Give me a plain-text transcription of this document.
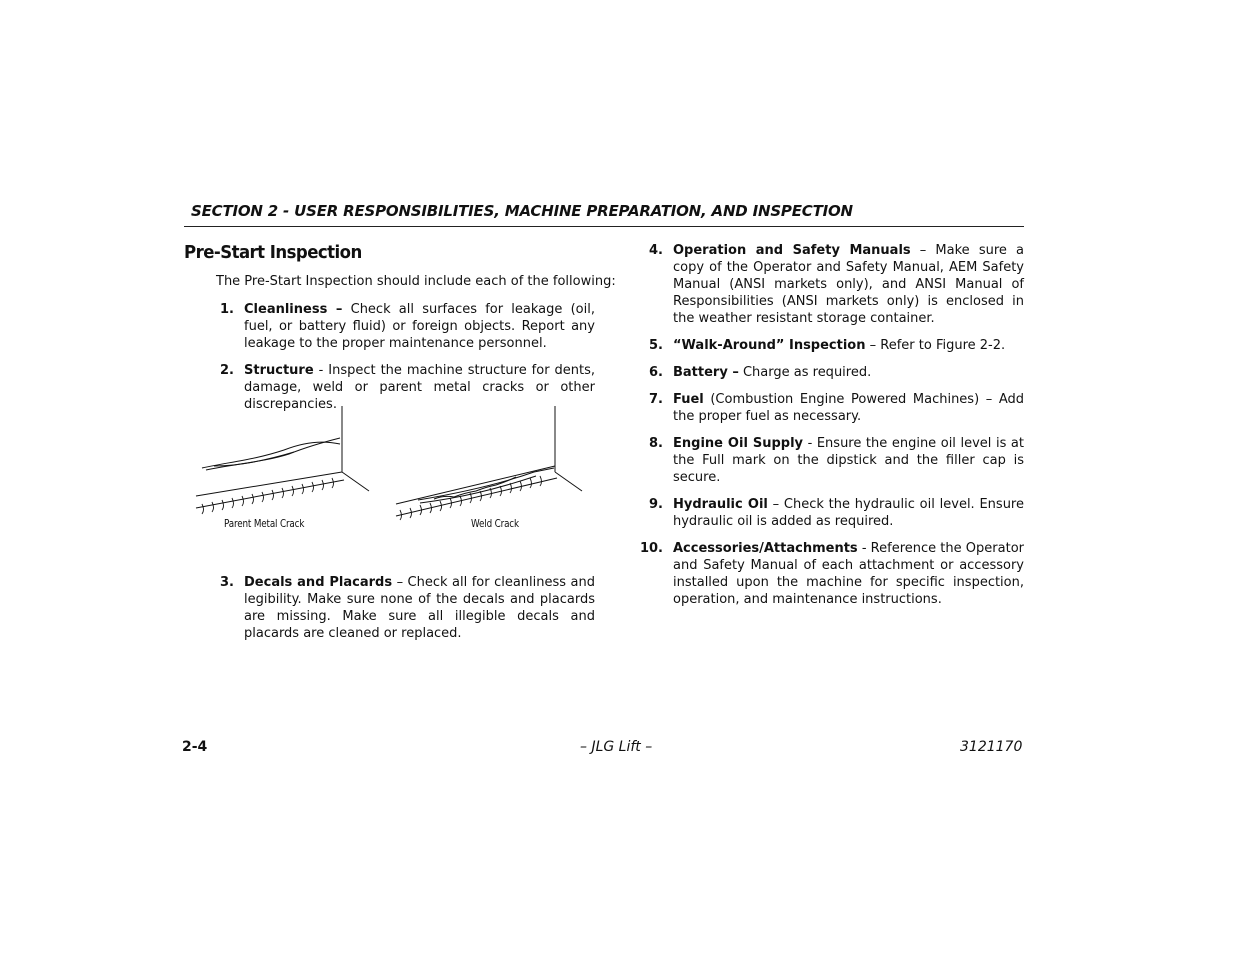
SECTION 2 - USER RESPONSIBILITIES, MACHINE PREPARATION, AND INSPECTION
Pre-Start Inspection
The Pre-Start Inspection should include each of the following:
1. Cleanliness – Check all surfaces for leakage (oil, fuel, or battery fluid) or foreign objects. Report any leakage to the proper maintenance personnel.
2. Structure - Inspect the machine structure for dents, damage, weld or parent metal cracks or other discrepancies.
3. Decals and Placards – Check all for cleanliness and legibility. Make sure none of the decals and placards are missing. Make sure all illegible decals and placards are cleaned or replaced.
Parent Metal Crack	Weld Crack
4. Operation and Safety Manuals – Make sure a copy of the Operator and Safety Manual, AEM Safety Manual (ANSI markets only), and ANSI Manual of Responsibilities (ANSI markets only) is enclosed in the weather resistant storage container.
5. “Walk-Around” Inspection – Refer to Figure 2-2.
6. Battery – Charge as required.
7. Fuel (Combustion Engine Powered Machines) – Add the proper fuel as necessary.
8. Engine Oil Supply - Ensure the engine oil level is at the Full mark on the dipstick and the filler cap is secure.
9. Hydraulic Oil – Check the hydraulic oil level. Ensure hydraulic oil is added as required.
10. Accessories/Attachments - Reference the Operator and Safety Manual of each attachment or accessory installed upon the machine for specific inspection, operation, and maintenance instructions.
2-4	– JLG Lift –	3121170
